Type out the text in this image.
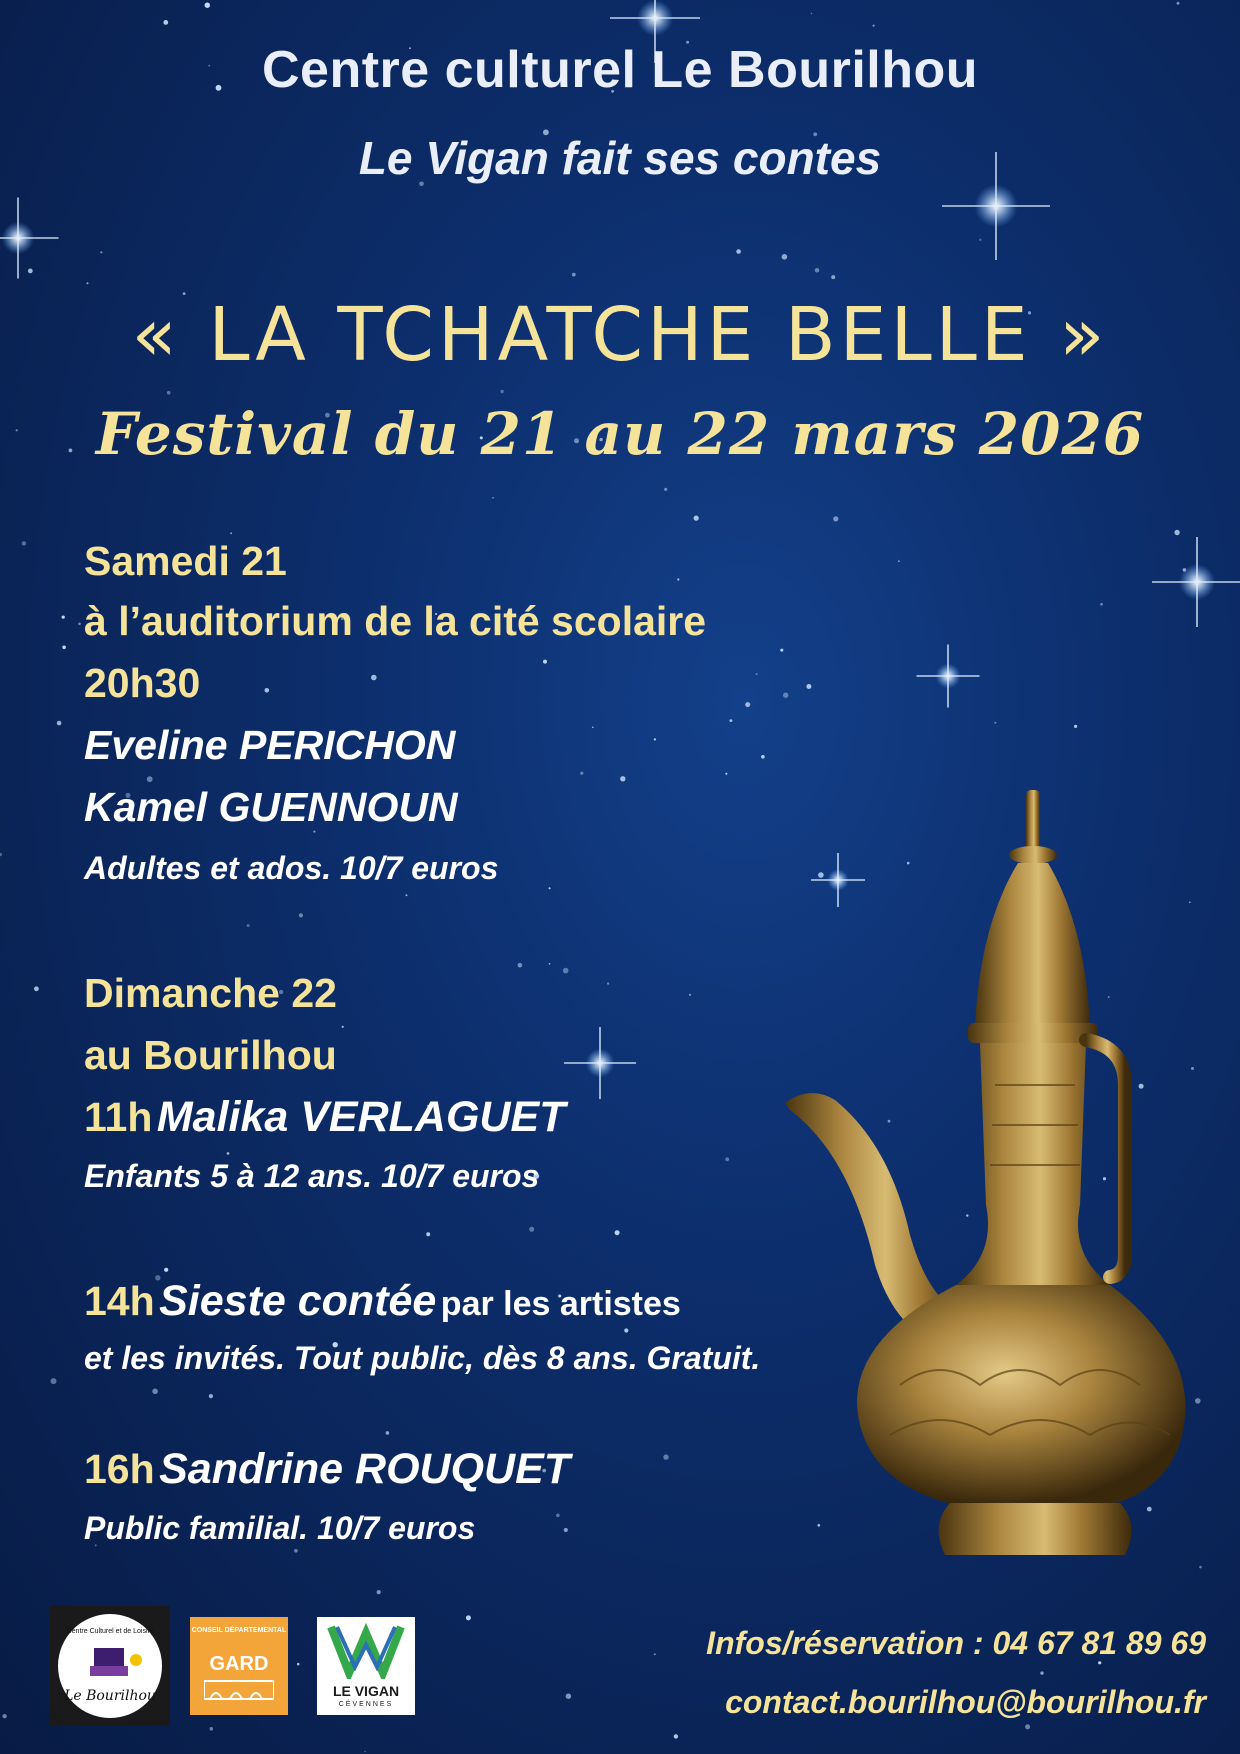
Centre culturel Le Bourilhou
Le Vigan fait ses contes
« LA TCHATCHE BELLE »
Festival du 21 au 22 mars 2026
Samedi 21
à l’auditorium de la cité scolaire
20h30
Eveline PERICHON
Kamel GUENNOUN
Adultes et ados. 10/7 euros
Dimanche 22
au Bourilhou
11h Malika VERLAGUET
Enfants 5 à 12 ans. 10/7 euros
14h Sieste contée par les artistes
et les invités. Tout public, dès 8 ans. Gratuit.
16h Sandrine ROUQUET
Public familial. 10/7 euros
Le Bourilhou
Centre Culturel et de Loisirs	CONSEIL DÉPARTEMENTAL
GARD
LE VIGAN
CÉVENNES
Infos/réservation : 04 67 81 89 69
contact.bourilhou@bourilhou.fr
